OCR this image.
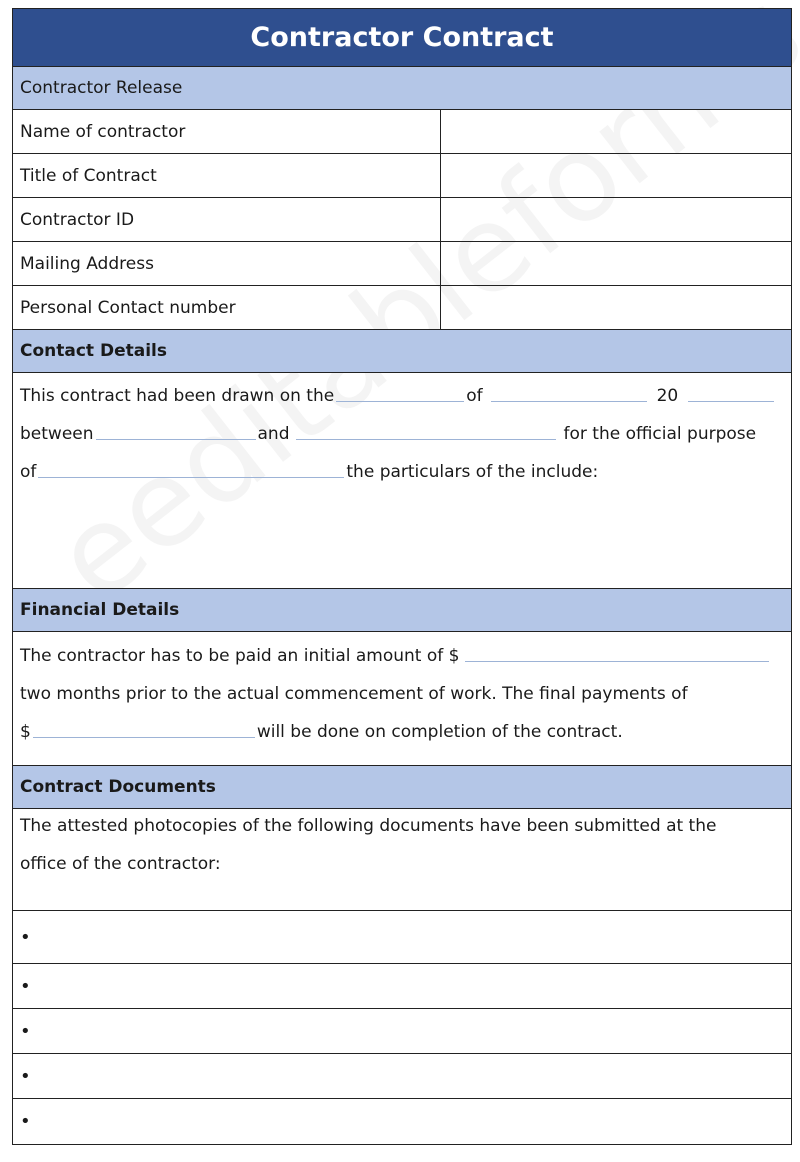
Contractor Contract
Contractor Release
Name of contractor
Title of Contract
Contractor ID
Mailing Address
Personal Contact number
Contact Details
This contract had been drawn on the	of	20
between	and	for the official purpose
of	the particulars of the include:
Financial Details
The contractor has to be paid an initial amount of $
two months prior to the actual commencement of work. The final payments of
$	will be done on completion of the contract.
Contract Documents
The attested photocopies of the following documents have been submitted at the
office of the contractor:
•
•
•
•
•
